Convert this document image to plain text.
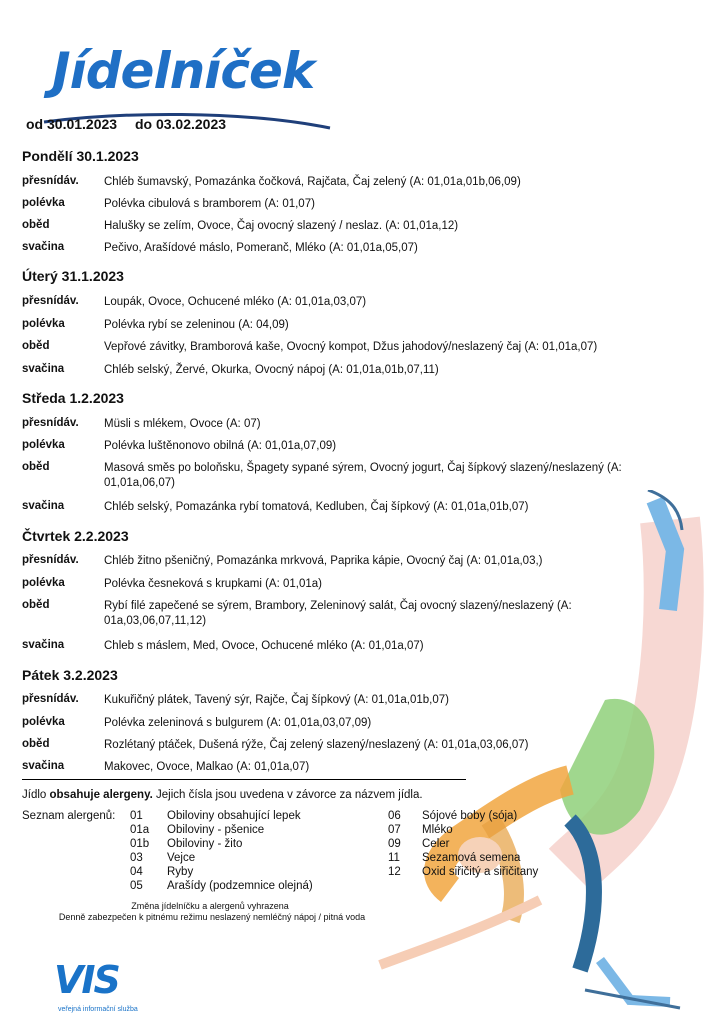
Jídelníček
od 30.01.2023 do 03.02.2023
Pondělí 30.1.2023
přesnídáv. Chléb šumavský, Pomazánka čočková, Rajčata, Čaj zelený (A: 01,01a,01b,06,09)
polévka	Polévka cibulová s bramborem (A: 01,07)
oběd	Halušky se zelím, Ovoce, Čaj ovocný slazený / neslaz. (A: 01,01a,12)
svačina	Pečivo, Arašídové máslo, Pomeranč, Mléko (A: 01,01a,05,07)
Úterý 31.1.2023
přesnídáv. Loupák, Ovoce, Ochucené mléko (A: 01,01a,03,07)
polévka	Polévka rybí se zeleninou (A: 04,09)
oběd	Vepřové závitky, Bramborová kaše, Ovocný kompot, Džus jahodový/neslazený čaj (A: 01,01a,07)
svačina	Chléb selský, Žervé, Okurka, Ovocný nápoj (A: 01,01a,01b,07,11)
Středa 1.2.2023
přesnídáv. Müsli s mlékem, Ovoce (A: 07)
polévka	Polévka luštěnonovo obilná (A: 01,01a,07,09)
oběd	Masová směs po boloňsku, Špagety sypané sýrem, Ovocný jogurt, Čaj šípkový slazený/neslazený (A: 01,01a,06,07)
svačina	Chléb selský, Pomazánka rybí tomatová, Kedluben, Čaj šípkový (A: 01,01a,01b,07)
Čtvrtek 2.2.2023
přesnídáv. Chléb žitno pšeničný, Pomazánka mrkvová, Paprika kápie, Ovocný čaj (A: 01,01a,03,)
polévka	Polévka česneková s krupkami (A: 01,01a)
oběd	Rybí filé zapečené se sýrem, Brambory, Zeleninový salát, Čaj ovocný slazený/neslazený (A: 01a,03,06,07,11,12)
svačina	Chleb s máslem, Med, Ovoce, Ochucené mléko (A: 01,01a,07)
Pátek 3.2.2023
přesnídáv. Kukuřičný plátek, Tavený sýr, Rajče, Čaj šípkový (A: 01,01a,01b,07)
polévka	Polévka zeleninová s bulgurem (A: 01,01a,03,07,09)
oběd	Rozlétaný ptáček, Dušená rýže, Čaj zelený slazený/neslazený (A: 01,01a,03,06,07)
svačina	Makovec, Ovoce, Malkao (A: 01,01a,07)
Jídlo obsahuje alergeny. Jejich čísla jsou uvedena v závorce za názvem jídla.
Seznam alergenů: 01 Obiloviny obsahující lepek
01a Obiloviny - pšenice
01b Obiloviny - žito
03 Vejce
04 Ryby
05 Arašídy (podzemnice olejná)
06 Sójové boby (sója)
07 Mléko
09 Celer
11 Sezamová semena
12 Oxid siřičitý a siřičitany
Změna jídelníčku a alergenů vyhrazena
Denně zabezpečen k pitnému režimu neslazený nemléčný nápoj / pitná voda
VIS
veřejná informační služba
